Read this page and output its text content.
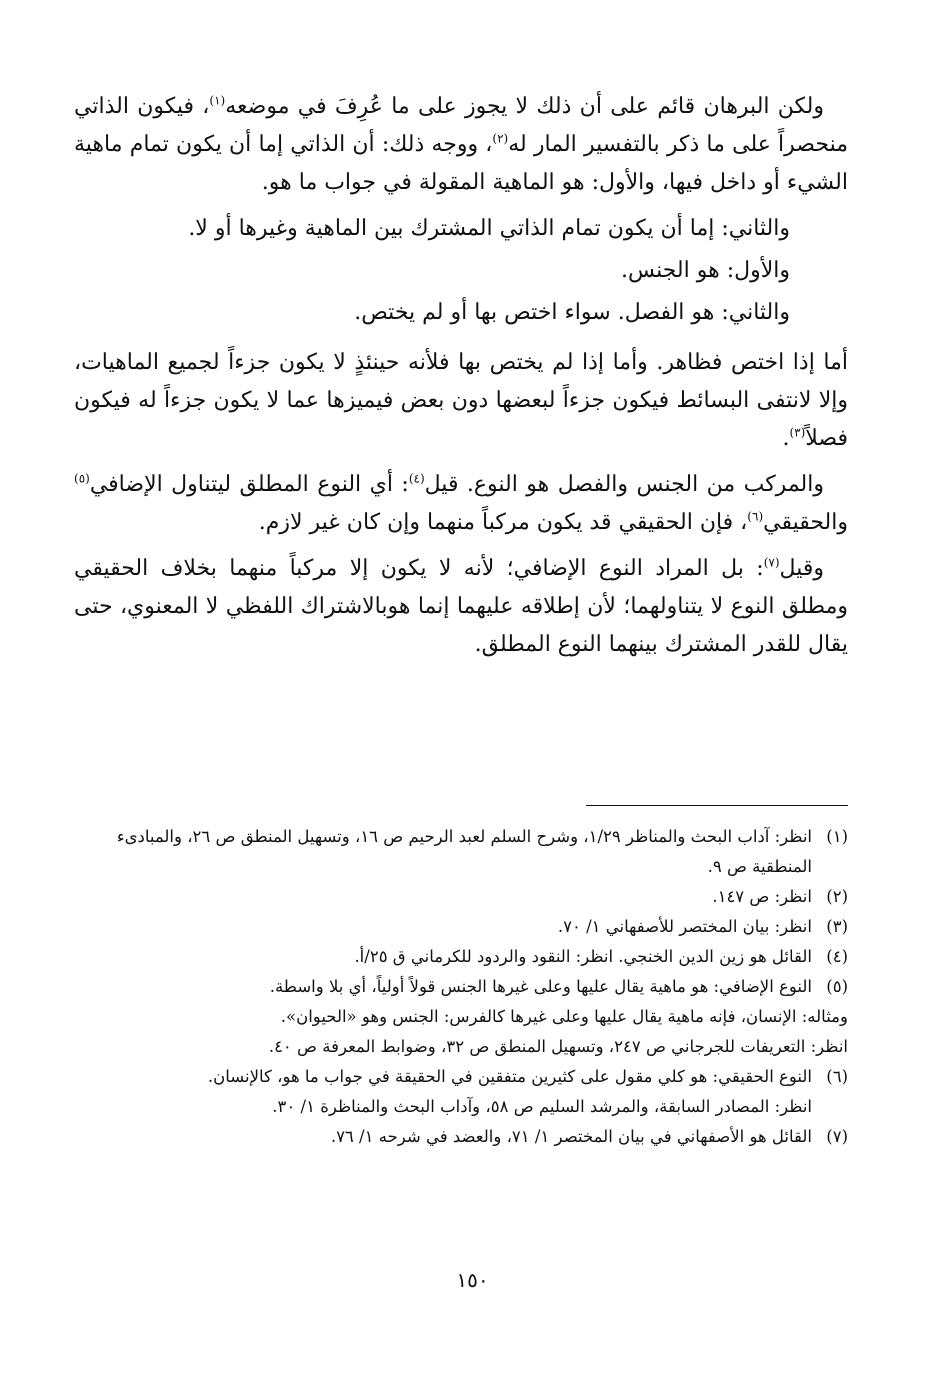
ولكن البرهان قائم على أن ذلك لا يجوز على ما عُرِفَ في موضعه$^{(١)}$، فيكون الذاتي منحصراً على ما ذكر بالتفسير المار له$^{(٢)}$، ووجه ذلك: أن الذاتي إما أن يكون تمام ماهية الشيء أو داخل فيها، والأول: هو الماهية المقولة في جواب ما هو.

والثاني: إما أن يكون تمام الذاتي المشترك بين الماهية وغيرها أو لا.
والأول: هو الجنس.
والثاني: هو الفصل. سواء اختص بها أو لم يختص.

أما إذا اختص فظاهر. وأما إذا لم يختص بها فلأنه حينئذٍ لا يكون جزءاً لجميع الماهيات، وإلا لانتفى البسائط فيكون جزءاً لبعضها دون بعض فيميزها عما لا يكون جزءاً له فيكون فصلاً$^{(٣)}$.

والمركب من الجنس والفصل هو النوع. قيل$^{(٤)}$: أي النوع المطلق ليتناول الإضافي$^{(٥)}$ والحقيقي$^{(٦)}$، فإن الحقيقي قد يكون مركباً منهما وإن كان غير لازم.

وقيل$^{(٧)}$: بل المراد النوع الإضافي؛ لأنه لا يكون إلا مركباً منهما بخلاف الحقيقي ومطلق النوع لا يتناولهما؛ لأن إطلاقه عليهما إنما هوبالاشتراك اللفظي لا المعنوي، حتى يقال للقدر المشترك بينهما النوع المطلق.

(١)
انظر: آداب البحث والمناظر ١/٢٩، وشرح السلم لعبد الرحيم ص ١٦، وتسهيل المنطق ص ٢٦، والمبادىء المنطقية ص ٩.
(٢)
انظر: ص ١٤٧.
(٣)
انظر: بيان المختصر للأصفهاني ١/ ٧٠.
(٤)
القائل هو زين الدين الخنجي. انظر: النقود والردود للكرماني ق ٢٥/أ.
(٥)
النوع الإضافي: هو ماهية يقال عليها وعلى غيرها الجنس قولاً أولياً، أي بلا واسطة.
ومثاله: الإنسان، فإنه ماهية يقال عليها وعلى غيرها كالفرس: الجنس وهو «الحيوان».
انظر: التعريفات للجرجاني ص ٢٤٧، وتسهيل المنطق ص ٣٢، وضوابط المعرفة ص ٤٠.
(٦)
النوع الحقيقي: هو كلي مقول على كثيرين متفقين في الحقيقة في جواب ما هو، كالإنسان.
انظر: المصادر السابقة، والمرشد السليم ص ٥٨، وآداب البحث والمناظرة ١/ ٣٠.
(٧)
القائل هو الأصفهاني في بيان المختصر ١/ ٧١، والعضد في شرحه ١/ ٧٦.
١٥٠
